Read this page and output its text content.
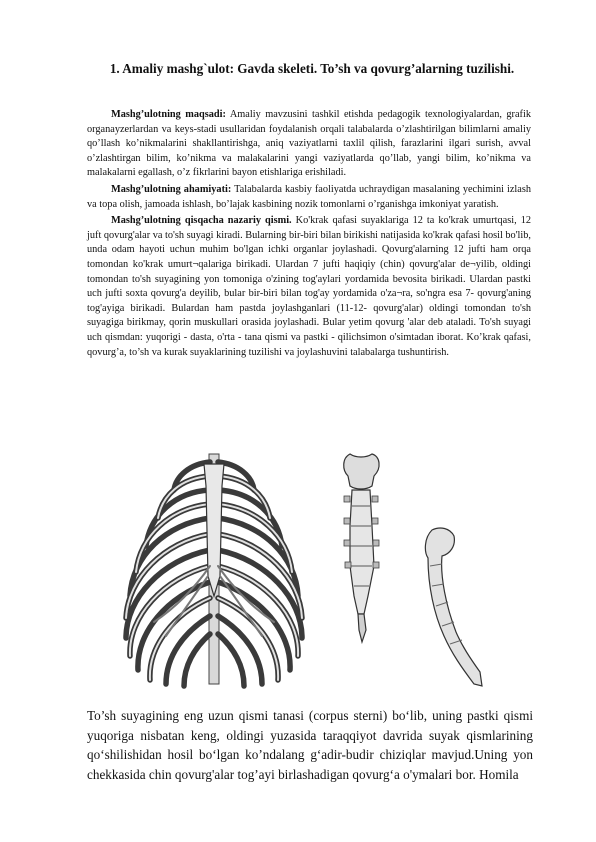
1. Amaliy mashg`ulot: Gavda skeleti. To’sh va qovurg’alarning tuzilishi.

Mashg’ulotning maqsadi: Amaliy mavzusini tashkil etishda pedagogik texnologiyalardan, grafik organayzerlardan va keys-stadi usullaridan foydalanish orqali talabalarda o’zlashtirilgan bilimlarni amaliy qo’llash ko’nikmalarini shakllantirishga, aniq vaziyatlarni taxlil qilish, farazlarini ilgari surish, avval o’zlashtirgan bilim, ko’nikma va malakalarini yangi vaziyatlarda qo’llab, yangi bilim, ko’nikma va malakalarni egallash, o’z fikrlarini bayon etishlariga erishiladi.

Mashg’ulotning ahamiyati: Talabalarda kasbiy faoliyatda uchraydigan masalaning yechimini izlash va topa olish, jamoada ishlash, bo’lajak kasbining nozik tomonlarni o’rganishga imkoniyat yaratish.

Mashg’ulotning qisqacha nazariy qismi. Ko'krak qafasi suyaklariga 12 ta ko'krak umurtqasi, 12 juft qovurg'alar va to'sh suyagi kiradi. Bularning bir-biri bilan birikishi natijasida ko'krak qafasi hosil bo'lib, unda odam hayoti uchun muhim bo'lgan ichki organlar joylashadi. Qovurg'alarning 12 jufti ham orqa tomondan ko'krak umurt¬qalariga birikadi. Ulardan 7 jufti haqiqiy (chin) qovurg'alar de¬yilib, oldingi tomondan to'sh suyagining yon tomoniga o'zining tog'aylari yordamida bevosita birikadi. Ulardan pastki uch jufti soxta qovurg'a deyilib, bular bir-biri bilan tog'ay yordamida o'za¬ra, so'ngra esa 7- qovurg'aning tog'ayiga birikadi. Bulardan ham pastda joylashganlari (11-12- qovurg'alar) oldingi tomondan to'sh suyagiga birikmay, qorin muskullari orasida joylashadi. Bular yetim qovurg 'alar deb ataladi. To'sh suyagi uch qismdan: yuqorigi - dasta, o'rta - tana qismi va pastki - qilichsimon o'simtadan iborat. Ko’krak qafasi, qovurg’a, to’sh va kurak suyaklarining tuzilishi va joylashuvini talabalarga tushuntirish.

To’sh suyagining eng uzun qismi tanasi (corpus sterni) bo‘lib, uning pastki qismi yuqoriga nisbatan keng, oldingi yuzasida taraqqiyot davrida suyak qismlarining qo‘shilishidan hosil bo‘lgan ko’ndalang g‘adir-budir chiziqlar mavjud.Uning yon chekkasida chin qovurg'alar tog’ayi birlashadigan qovurg‘a o'ymalari bor. Homila
